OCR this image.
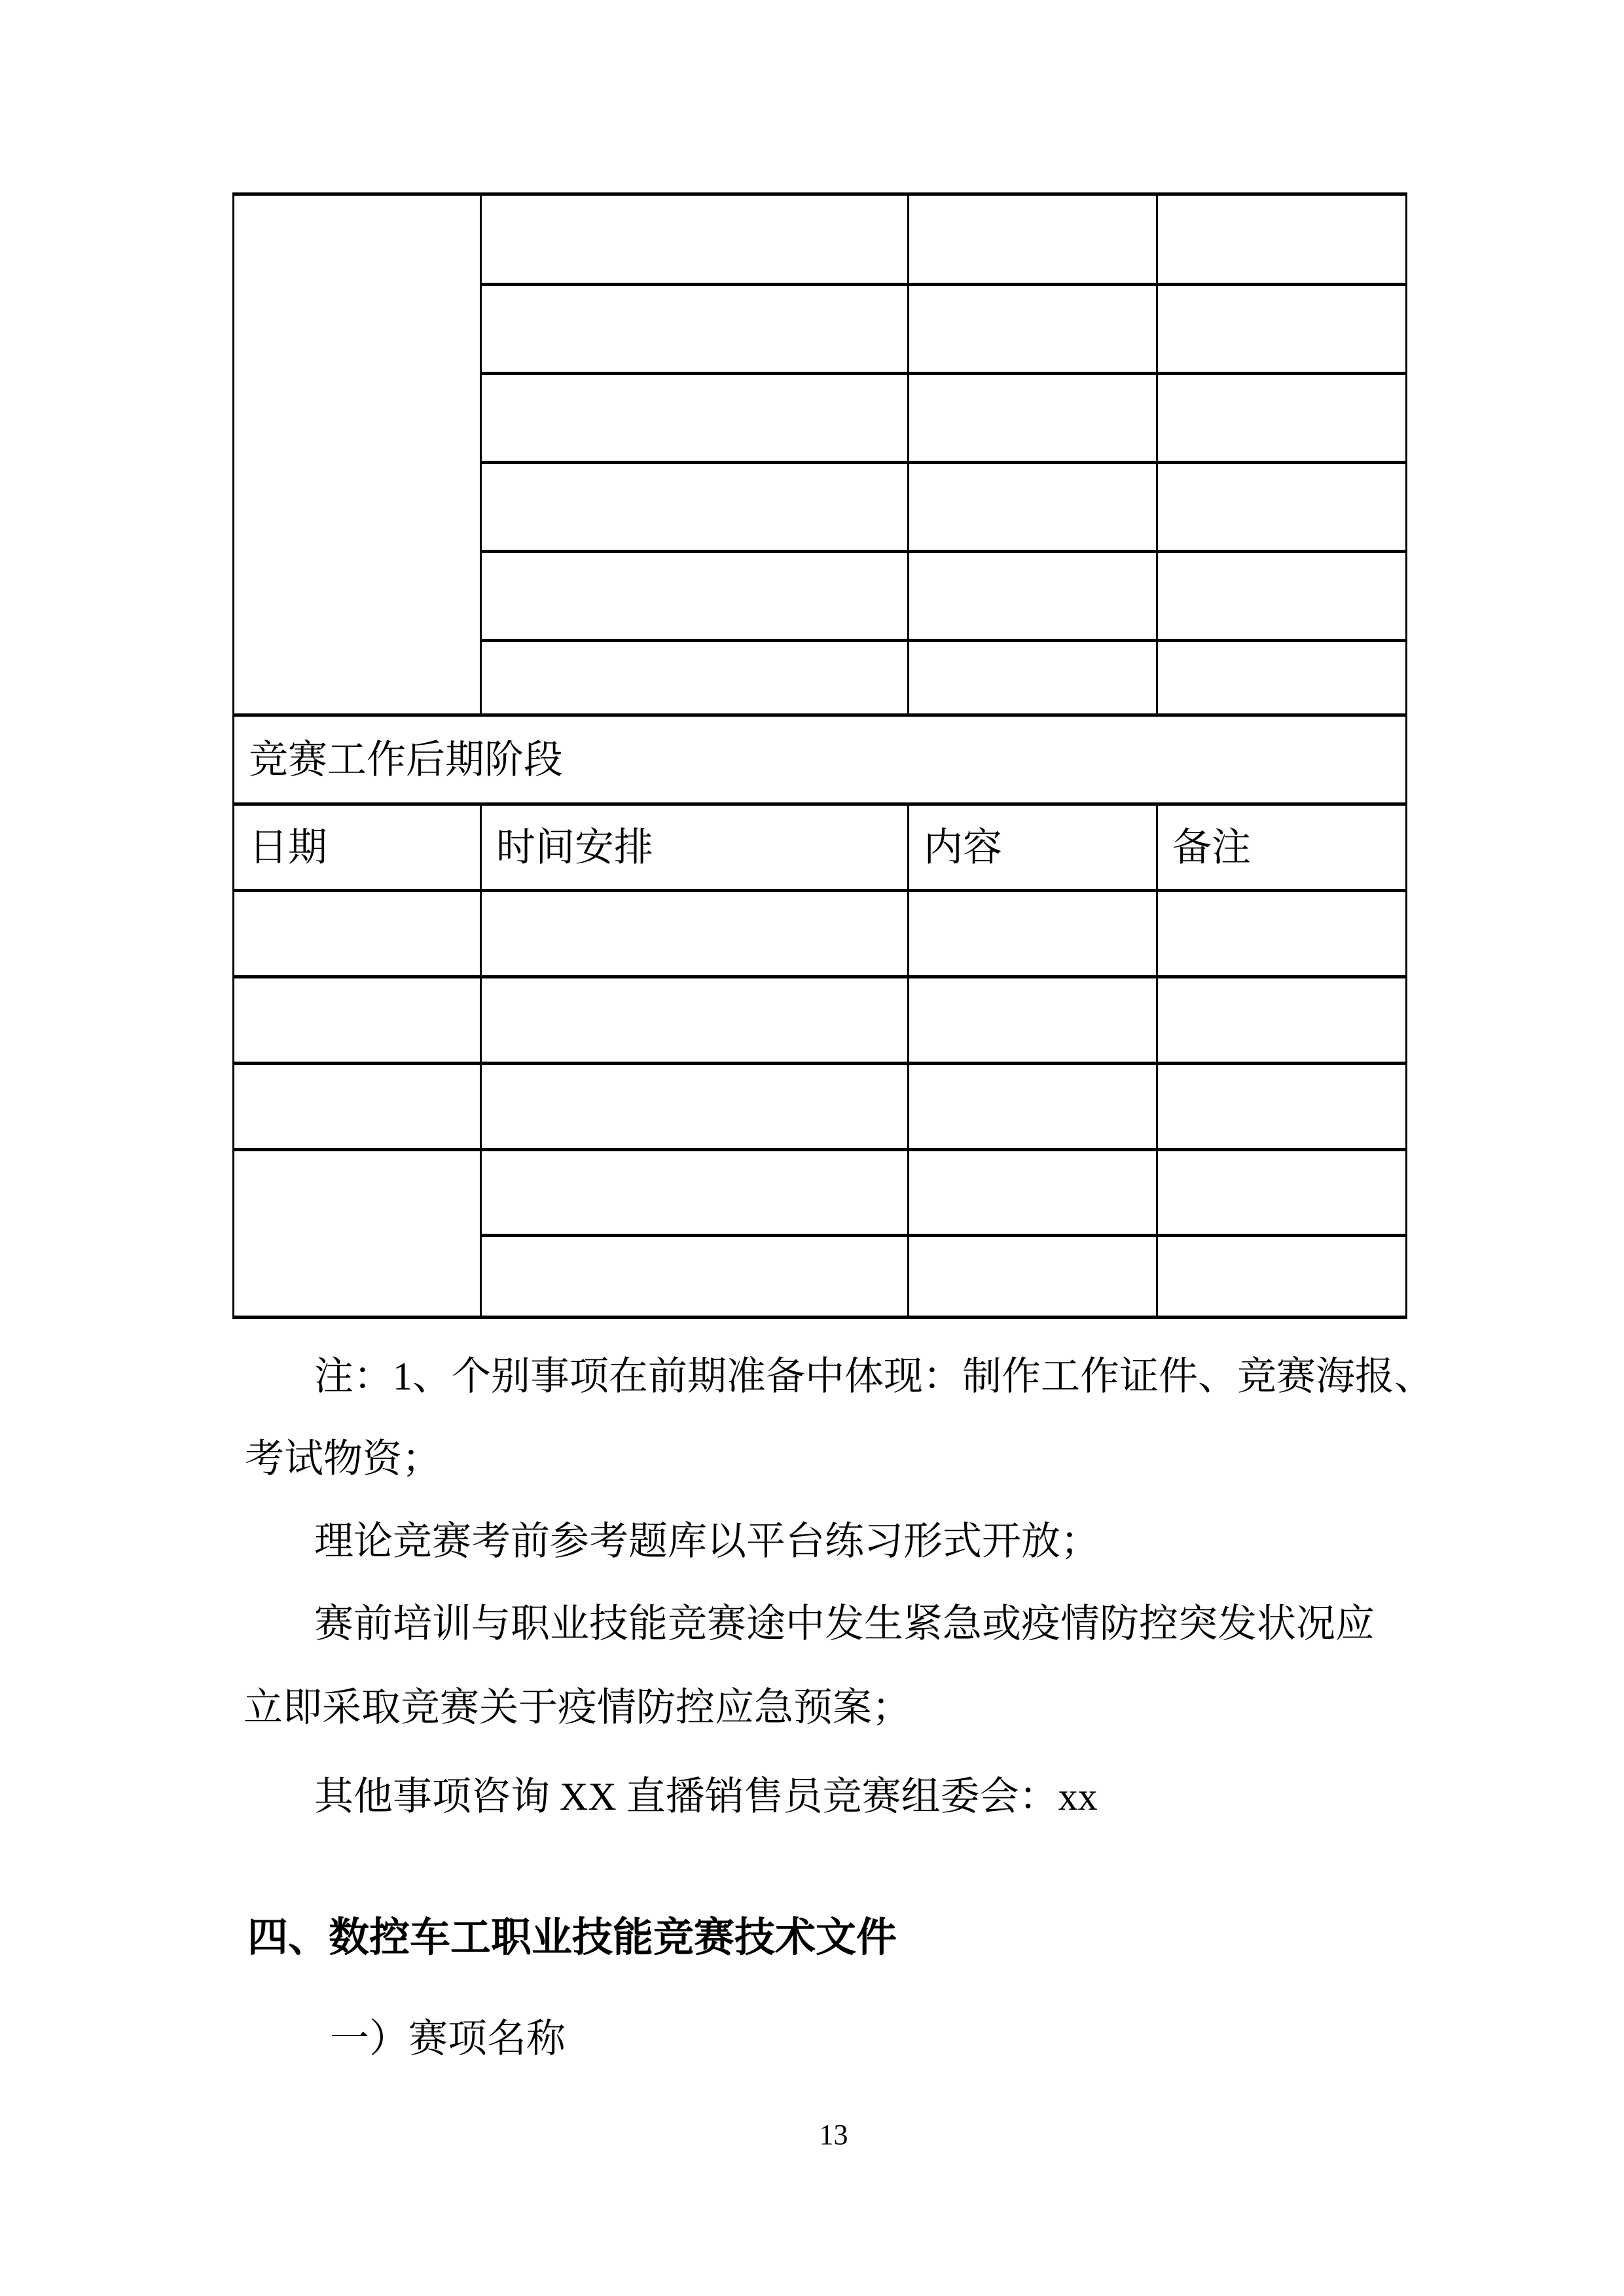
竞赛工作后期阶段			
日期	时间安排	内容	备注

注：1、个别事项在前期准备中体现：制作工作证件、竞赛海报、
考试物资；
理论竞赛考前参考题库以平台练习形式开放；
赛前培训与职业技能竞赛途中发生紧急或疫情防控突发状况应
立即采取竞赛关于疫情防控应急预案；
其他事项咨询 XX 直播销售员竞赛组委会：xx
四、数控车工职业技能竞赛技术文件
一）赛项名称
13
